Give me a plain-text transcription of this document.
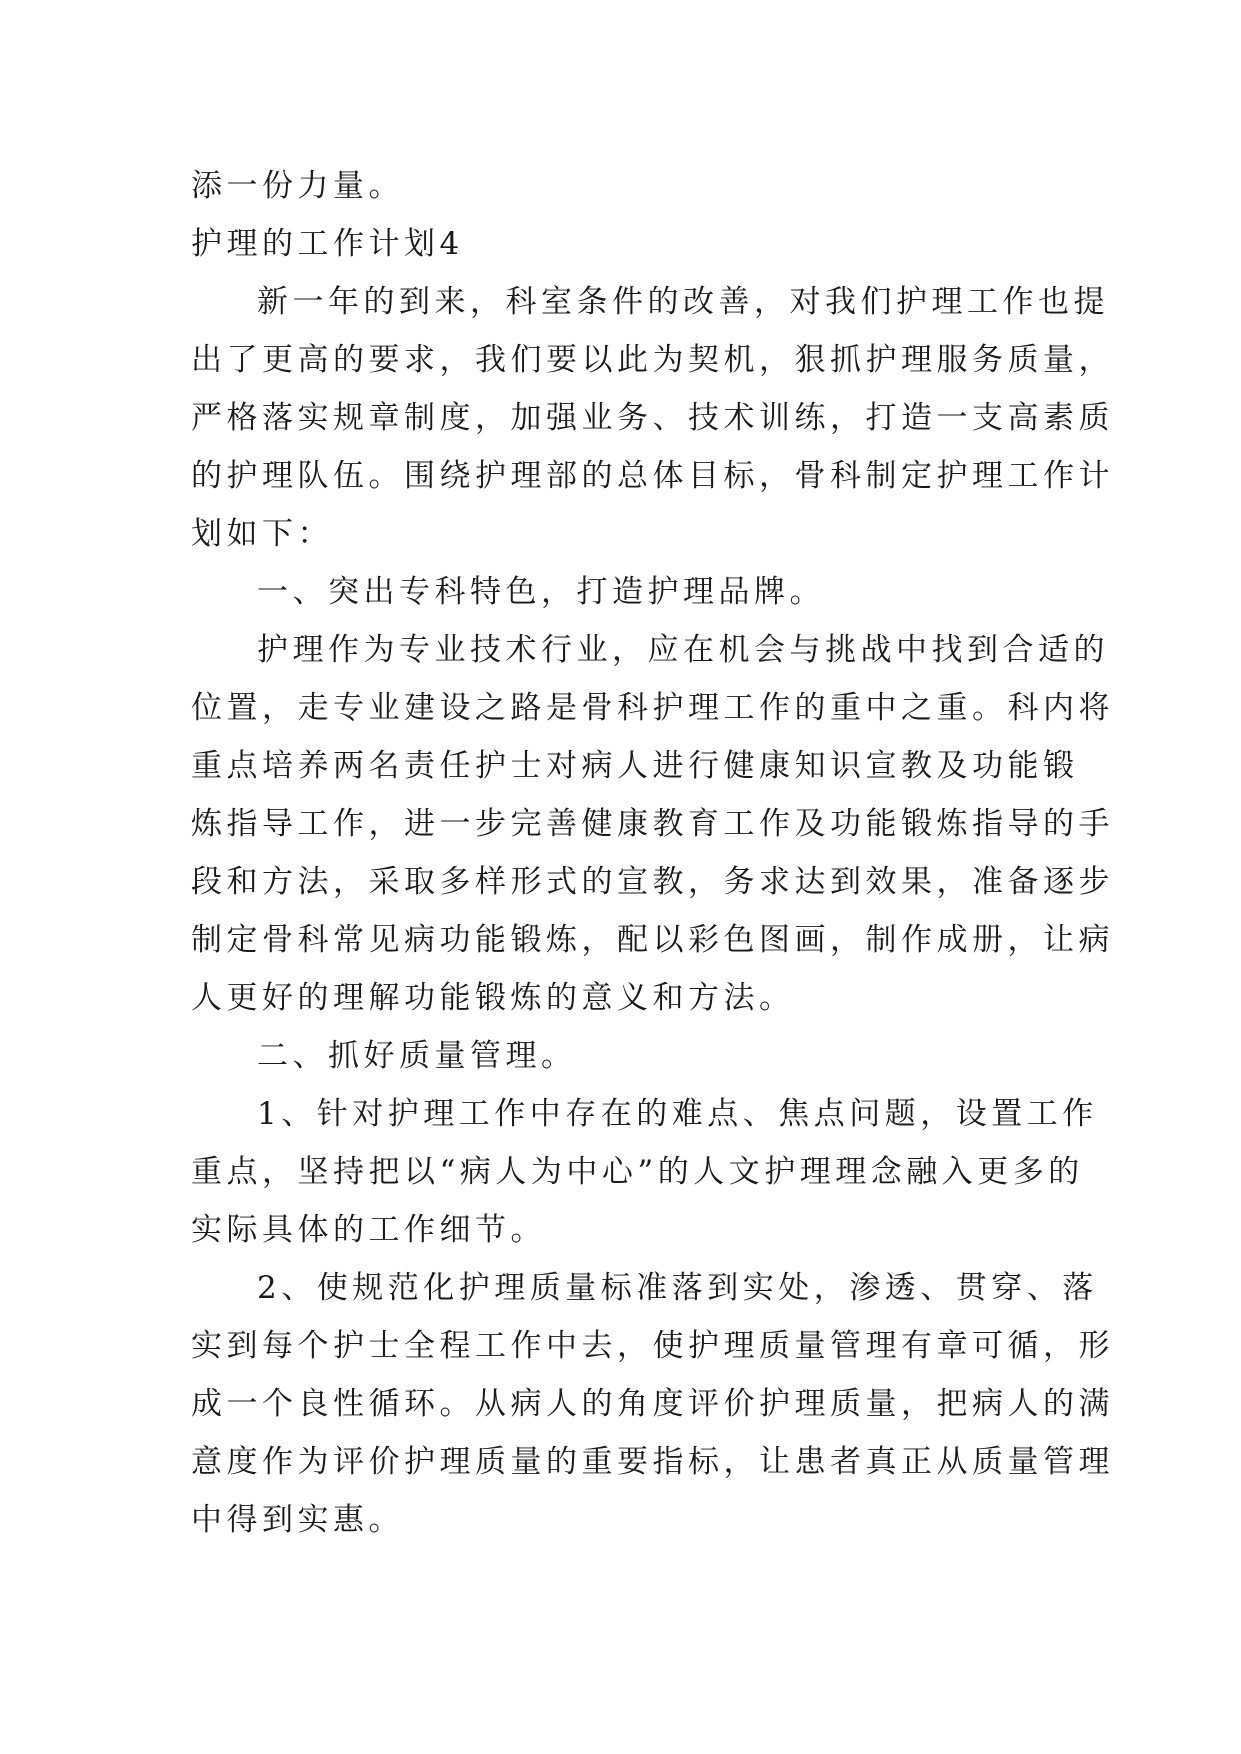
添一份力量。
护理的工作计划4
新一年的到来，科室条件的改善，对我们护理工作也提
出了更高的要求，我们要以此为契机，狠抓护理服务质量，
严格落实规章制度，加强业务、技术训练，打造一支高素质
的护理队伍。围绕护理部的总体目标，骨科制定护理工作计
划如下：
一、突出专科特色，打造护理品牌。
护理作为专业技术行业，应在机会与挑战中找到合适的
位置，走专业建设之路是骨科护理工作的重中之重。科内将
重点培养两名责任护士对病人进行健康知识宣教及功能锻
炼指导工作，进一步完善健康教育工作及功能锻炼指导的手
段和方法，采取多样形式的宣教，务求达到效果，准备逐步
制定骨科常见病功能锻炼，配以彩色图画，制作成册，让病
人更好的理解功能锻炼的意义和方法。
二、抓好质量管理。
1、针对护理工作中存在的难点、焦点问题，设置工作
重点，坚持把以“病人为中心”的人文护理理念融入更多的
实际具体的工作细节。
2、使规范化护理质量标准落到实处，渗透、贯穿、落
实到每个护士全程工作中去，使护理质量管理有章可循，形
成一个良性循环。从病人的角度评价护理质量，把病人的满
意度作为评价护理质量的重要指标，让患者真正从质量管理
中得到实惠。
